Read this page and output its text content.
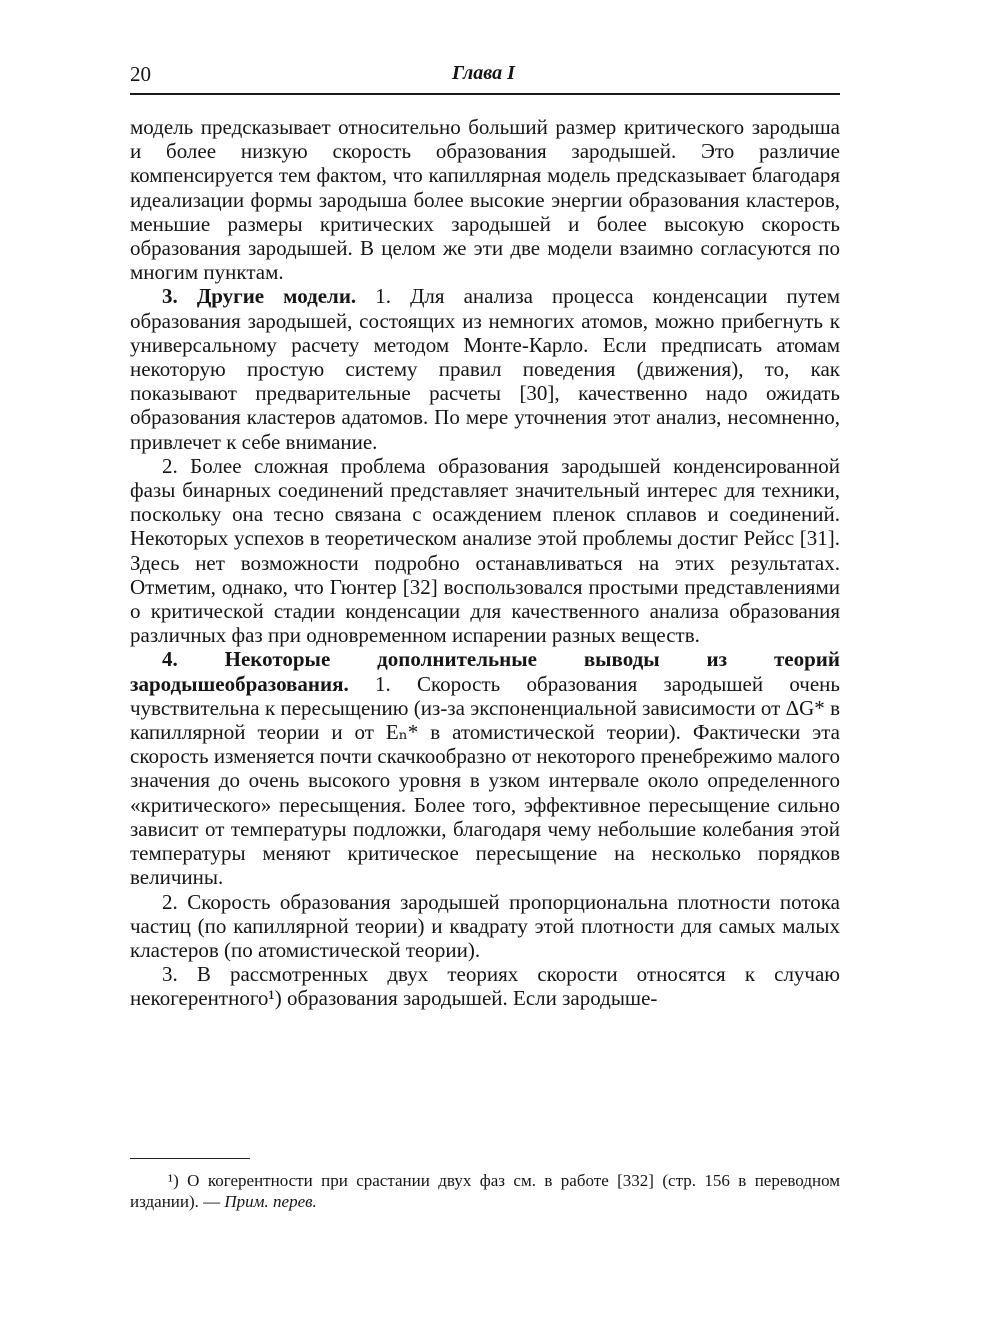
20	Глава I

модель предсказывает относительно больший размер критического зародыша и более низкую скорость образования зародышей. Это различие компенсируется тем фактом, что капиллярная модель предсказывает благодаря идеализации формы зародыша более высокие энергии образования кластеров, меньшие размеры критических зародышей и более высокую скорость образования зародышей. В целом же эти две модели взаимно согласуются по многим пунктам.

3. Другие модели. 1. Для анализа процесса конденсации путем образования зародышей, состоящих из немногих атомов, можно прибегнуть к универсальному расчету методом Монте-Карло. Если предписать атомам некоторую простую систему правил поведения (движения), то, как показывают предварительные расчеты [30], качественно надо ожидать образования кластеров адатомов. По мере уточнения этот анализ, несомненно, привлечет к себе внимание.

2. Более сложная проблема образования зародышей конденсированной фазы бинарных соединений представляет значительный интерес для техники, поскольку она тесно связана с осаждением пленок сплавов и соединений. Некоторых успехов в теоретическом анализе этой проблемы достиг Рейсс [31]. Здесь нет возможности подробно останавливаться на этих результатах. Отметим, однако, что Гюнтер [32] воспользовался простыми представлениями о критической стадии конденсации для качественного анализа образования различных фаз при одновременном испарении разных веществ.

4. Некоторые дополнительные выводы из теорий зародышеобразования. 1. Скорость образования зародышей очень чувствительна к пересыщению (из-за экспоненциальной зависимости от ΔG* в капиллярной теории и от Eₙ* в атомистической теории). Фактически эта скорость изменяется почти скачкообразно от некоторого пренебрежимо малого значения до очень высокого уровня в узком интервале около определенного «критического» пересыщения. Более того, эффективное пересыщение сильно зависит от температуры подложки, благодаря чему небольшие колебания этой температуры меняют критическое пересыщение на несколько порядков величины.

2. Скорость образования зародышей пропорциональна плотности потока частиц (по капиллярной теории) и квадрату этой плотности для самых малых кластеров (по атомистической теории).

3. В рассмотренных двух теориях скорости относятся к случаю некогерентного¹) образования зародышей. Если зародыше-

¹) О когерентности при срастании двух фаз см. в работе [332] (стр. 156 в переводном издании). — Прим. перев.
